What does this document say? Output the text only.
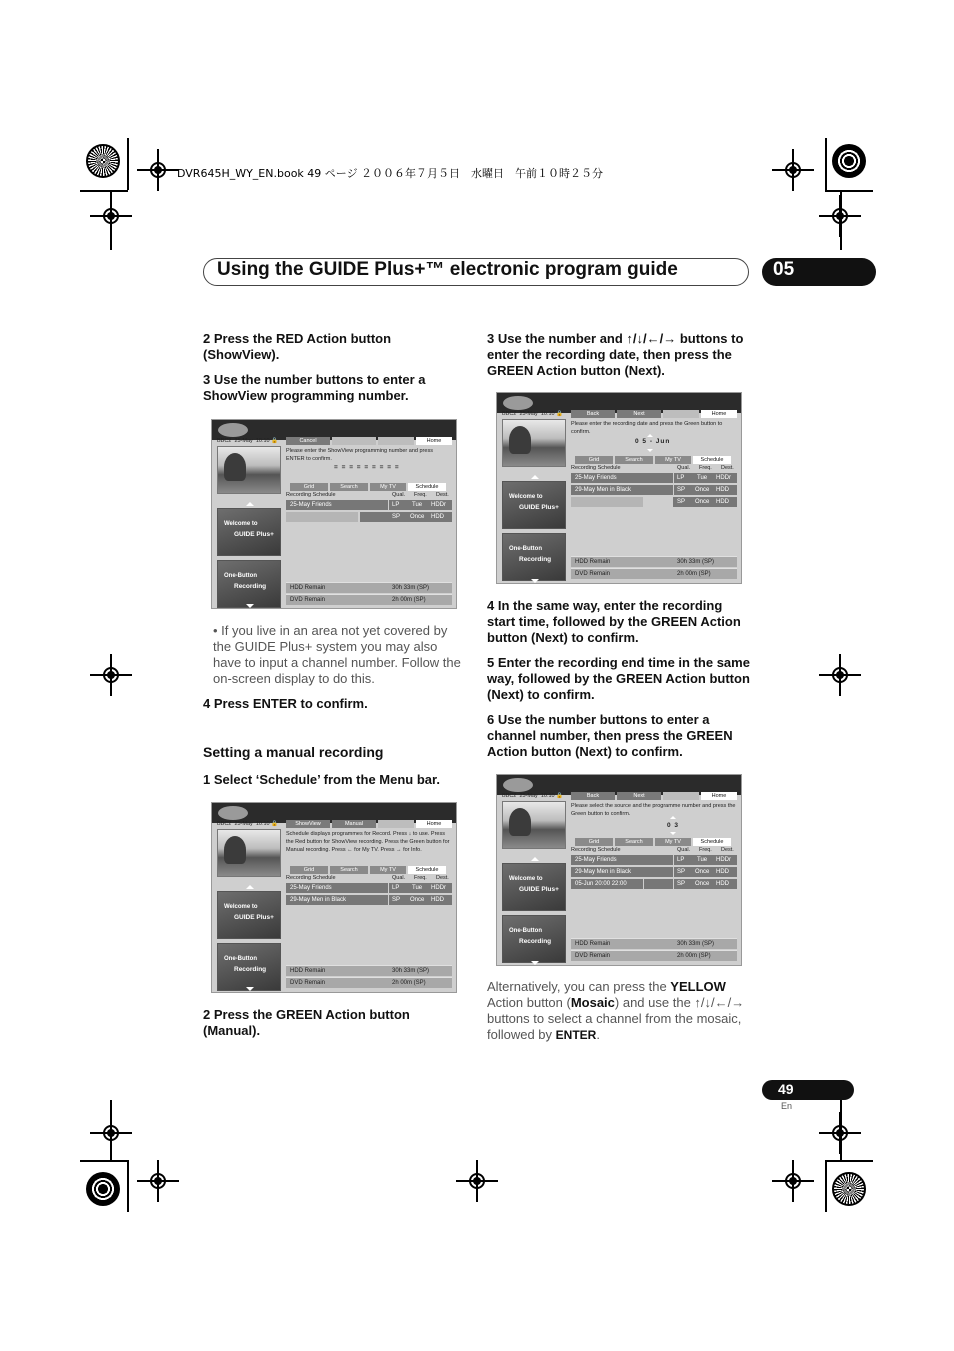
DVR645H_WY_EN.book 49 ページ ２００６年７月５日　水曜日　午前１０時２５分
Using the GUIDE Plus+™ electronic program guide	05
2 Press the RED Action button (ShowView).
3 Use the number buttons to enter a ShowView programming number.
BBC2 25-May 10:10 🔒
Welcome to
GUIDE Plus+
One-Button
Recording
Cancel	Home
Please enter the ShowView programming number and press ENTER to confirm.
= = = = = = = = =
Grid	Search	My TV	Schedule
Recording Schedule	Qual. Freq. Dest.
25-May Friends	LP Tue HDDr
SP Once HDD
HDD Remain	30h 33m (SP)
DVD Remain	2h 00m (SP)
• If you live in an area not yet covered by the GUIDE Plus+ system you may also have to input a channel number. Follow the on-screen display to do this.
4 Press ENTER to confirm.
Setting a manual recording
1 Select ‘Schedule’ from the Menu bar.
BBC2 25-May 10:10 🔒
Welcome to
GUIDE Plus+
One-Button
Recording
ShowView	Manual	Home
Schedule displays programmes for Record. Press ↓ to use. Press the Red button for ShowView recording. Press the Green button for Manual recording. Press ← for My TV. Press → for Info.
Grid	Search	My TV	Schedule
Recording Schedule	Qual. Freq. Dest.
25-May Friends	LP Tue HDDr
29-May Men in Black	SP Once HDD
HDD Remain	30h 33m (SP)
DVD Remain	2h 00m (SP)
2 Press the GREEN Action button (Manual).
3 Use the number and ↑/↓/←/→ buttons to enter the recording date, then press the GREEN Action button (Next).
BBC2 25-May 10:10 🔒
Welcome to
GUIDE Plus+
One-Button
Recording
Back	Next	Home
Please enter the recording date and press the Green button to confirm.
0 5 - Jun
Grid	Search	My TV	Schedule
Recording Schedule	Qual. Freq. Dest.
25-May Friends	LP Tue HDDr
29-May Men in Black	SP Once HDD
SP Once HDD
HDD Remain	30h 33m (SP)
DVD Remain	2h 00m (SP)
4 In the same way, enter the recording start time, followed by the GREEN Action button (Next) to confirm.
5 Enter the recording end time in the same way, followed by the GREEN Action button (Next) to confirm.
6 Use the number buttons to enter a channel number, then press the GREEN Action button (Next) to confirm.
BBC2 25-May 10:10 🔒
Welcome to
GUIDE Plus+
One-Button
Recording
Back	Next	Home
Please select the source and the programme number and press the Green button to confirm.
0 3
Grid	Search	My TV	Schedule
Recording Schedule	Qual. Freq. Dest.
25-May Friends	LP Tue HDDr
29-May Men in Black	SP Once HDD
05-Jun 20:00 22:00	SP Once HDD
HDD Remain	30h 33m (SP)
DVD Remain	2h 00m (SP)
Alternatively, you can press the YELLOW Action button (Mosaic) and use the ↑/↓/←/→ buttons to select a channel from the mosaic, followed by ENTER.
49
En
